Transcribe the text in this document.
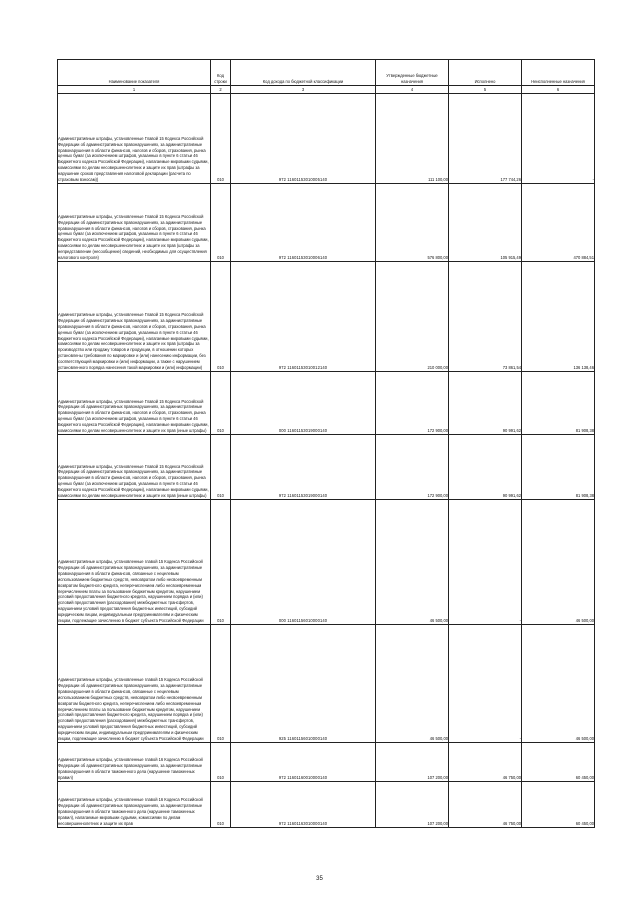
Наименование показателя	Код строки	Код дохода по бюджетной классификации	Утвержденные бюджетные назначения	Исполнено	Неисполненные назначения
1	2	3	4	5	6
Административные штрафы, установленные Главой 15 Кодекса Российской Федерации об административных правонарушениях, за административные правонарушения в области финансов, налогов и сборов, страхования, рынка ценных бумаг (за исключением штрафов, указанных в пункте 6 статьи 46 Бюджетного кодекса Российской Федерации), налагаемые мировыми судьями, комиссиями по делам несовершеннолетних и защите их прав (штрафы за нарушение сроков представления налоговой декларации (расчета по страховым взносам))	010	972 11601153010005140	111 100,00	177 744,26	-
Административные штрафы, установленные Главой 15 Кодекса Российской Федерации об административных правонарушениях, за административные правонарушения в области финансов, налогов и сборов, страхования, рынка ценных бумаг (за исключением штрафов, указанных в пункте 6 статьи 46 Бюджетного кодекса Российской Федерации), налагаемые мировыми судьями, комиссиями по делам несовершеннолетних и защите их прав (штрафы за непредставление (несообщение) сведений, необходимых для осуществления налогового контроля)	010	972 11601153010006140	576 800,00	105 915,49	470 884,51
Административные штрафы, установленные Главой 15 Кодекса Российской Федерации об административных правонарушениях, за административные правонарушения в области финансов, налогов и сборов, страхования, рынка ценных бумаг (за исключением штрафов, указанных в пункте 6 статьи 46 Бюджетного кодекса Российской Федерации), налагаемые мировыми судьями, комиссиями по делам несовершеннолетних и защите их прав (штрафы за производство или продажу товаров и продукции, в отношении которых установлены требования по маркировке и (или) нанесению информации, без соответствующей маркировки и (или) информации, а также с нарушением установленного порядка нанесения такой маркировки и (или) информации)	010	972 11601153010012140	210 000,00	73 861,54	136 138,46
Административные штрафы, установленные Главой 15 Кодекса Российской Федерации об административных правонарушениях, за административные правонарушения в области финансов, налогов и сборов, страхования, рынка ценных бумаг (за исключением штрафов, указанных в пункте 6 статьи 46 Бюджетного кодекса Российской Федерации), налагаемые мировыми судьями, комиссиями по делам несовершеннолетних и защите их прав (иные штрафы)	010	000 11601153019000140	172 900,00	90 991,62	81 908,38
Административные штрафы, установленные Главой 15 Кодекса Российской Федерации об административных правонарушениях, за административные правонарушения в области финансов, налогов и сборов, страхования, рынка ценных бумаг (за исключением штрафов, указанных в пункте 6 статьи 46 Бюджетного кодекса Российской Федерации), налагаемые мировыми судьями, комиссиями по делам несовершеннолетних и защите их прав (иные штрафы)	010	972 11601153019000140	172 900,00	90 991,62	81 908,38
Административные штрафы, установленные главой 15 Кодекса Российской Федерации об административных правонарушениях, за административные правонарушения в области финансов, связанные с нецелевым использованием бюджетных средств, невозвратом либо несвоевременным возвратом бюджетного кредита, неперечислением либо несвоевременным перечислением платы за пользование бюджетным кредитом, нарушением условий предоставления бюджетного кредита, нарушением порядка и (или) условий предоставления (расходования) межбюджетных трансфертов, нарушением условий предоставления бюджетных инвестиций, субсидий юридическим лицам, индивидуальным предпринимателям и физическим лицам, подлежащие зачислению в бюджет субъекта Российской Федерации	010	000 11601156010000140	46 500,00	-	46 500,00
Административные штрафы, установленные главой 15 Кодекса Российской Федерации об административных правонарушениях, за административные правонарушения в области финансов, связанные с нецелевым использованием бюджетных средств, невозвратом либо несвоевременным возвратом бюджетного кредита, неперечислением либо несвоевременным перечислением платы за пользование бюджетным кредитом, нарушением условий предоставления бюджетного кредита, нарушением порядка и (или) условий предоставления (расходования) межбюджетных трансфертов, нарушением условий предоставления бюджетных инвестиций, субсидий юридическим лицам, индивидуальным предпринимателям и физическим лицам, подлежащие зачислению в бюджет субъекта Российской Федерации	010	925 11601156010000140	46 500,00	-	46 500,00
Административные штрафы, установленные главой 16 Кодекса Российской Федерации об административных правонарушениях, за административные правонарушения в области таможенного дела (нарушение таможенных правил)	010	972 11601160010000140	107 200,00	46 750,00	60 450,00
Административные штрафы, установленные главой 16 Кодекса Российской Федерации об административных правонарушениях, за административные правонарушения в области таможенного дела (нарушение таможенных правил), налагаемые мировыми судьями, комиссиями по делам несовершеннолетних и защите их прав	010	972 11601163010000140	107 200,00	46 750,00	60 450,00
35
